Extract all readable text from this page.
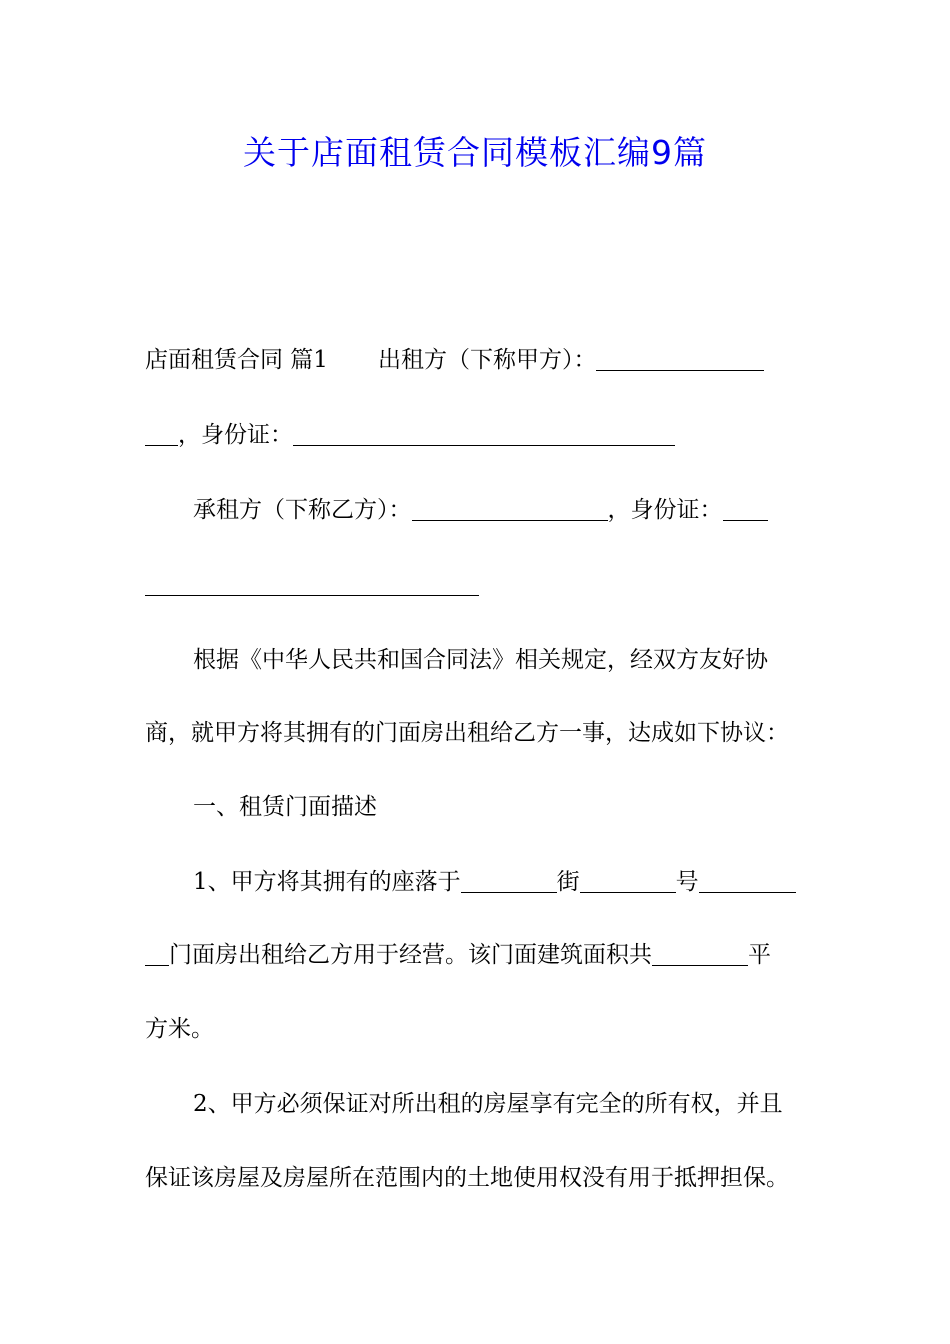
关于店面租赁合同模板汇编9篇
店面租赁合同 篇1 出租方（下称甲方）：
，身份证：
承租方（下称乙方）：	，身份证：
根据《中华人民共和国合同法》相关规定，经双方友好协
商，就甲方将其拥有的门面房出租给乙方一事，达成如下协议：
一、租赁门面描述
1、甲方将其拥有的座落于	街	号
门面房出租给乙方用于经营。该门面建筑面积共	平
方米。
2、甲方必须保证对所出租的房屋享有完全的所有权，并且
保证该房屋及房屋所在范围内的土地使用权没有用于抵押担保。
